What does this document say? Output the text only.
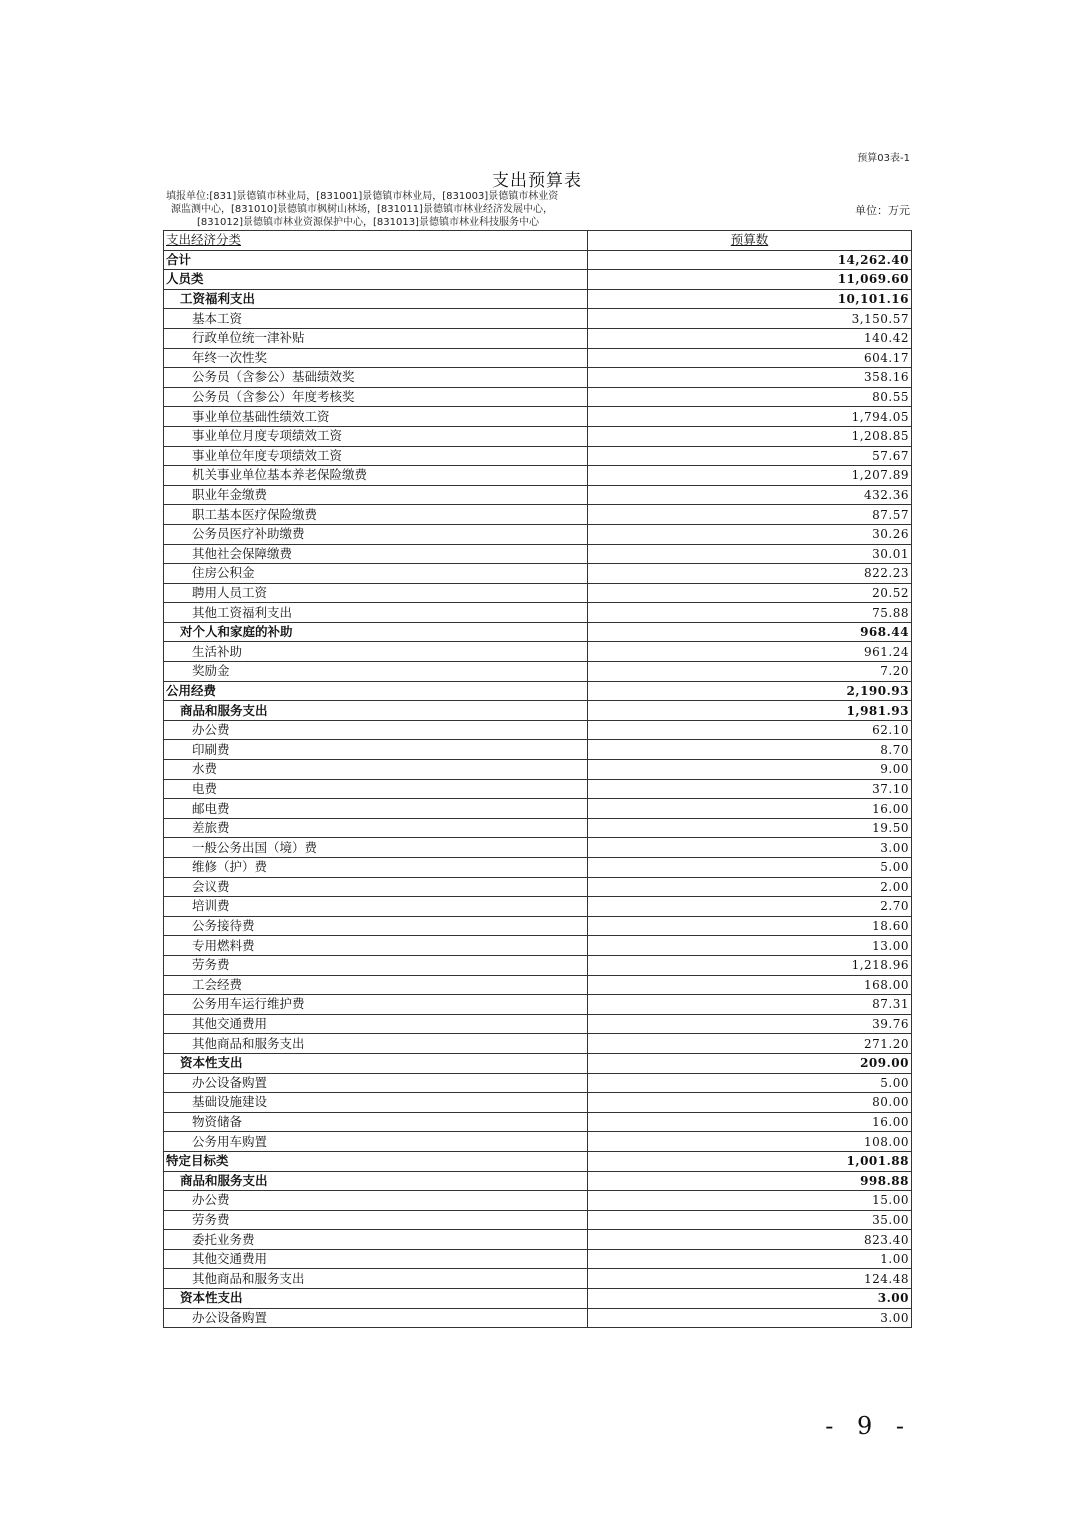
预算03表-1
支出预算表
填报单位:[831]景德镇市林业局，[831001]景德镇市林业局，[831003]景德镇市林业资
源监测中心，[831010]景德镇市枫树山林场，[831011]景德镇市林业经济发展中心，
[831012]景德镇市林业资源保护中心，[831013]景德镇市林业科技服务中心
单位：万元
支出经济分类	预算数
合计	14,262.40
人员类	11,069.60
工资福利支出	10,101.16
基本工资	3,150.57
行政单位统一津补贴	140.42
年终一次性奖	604.17
公务员（含参公）基础绩效奖	358.16
公务员（含参公）年度考核奖	80.55
事业单位基础性绩效工资	1,794.05
事业单位月度专项绩效工资	1,208.85
事业单位年度专项绩效工资	57.67
机关事业单位基本养老保险缴费	1,207.89
职业年金缴费	432.36
职工基本医疗保险缴费	87.57
公务员医疗补助缴费	30.26
其他社会保障缴费	30.01
住房公积金	822.23
聘用人员工资	20.52
其他工资福利支出	75.88
对个人和家庭的补助	968.44
生活补助	961.24
奖励金	7.20
公用经费	2,190.93
商品和服务支出	1,981.93
办公费	62.10
印刷费	8.70
水费	9.00
电费	37.10
邮电费	16.00
差旅费	19.50
一般公务出国（境）费	3.00
维修（护）费	5.00
会议费	2.00
培训费	2.70
公务接待费	18.60
专用燃料费	13.00
劳务费	1,218.96
工会经费	168.00
公务用车运行维护费	87.31
其他交通费用	39.76
其他商品和服务支出	271.20
资本性支出	209.00
办公设备购置	5.00
基础设施建设	80.00
物资储备	16.00
公务用车购置	108.00
特定目标类	1,001.88
商品和服务支出	998.88
办公费	15.00
劳务费	35.00
委托业务费	823.40
其他交通费用	1.00
其他商品和服务支出	124.48
资本性支出	3.00
办公设备购置	3.00
- 9 -
